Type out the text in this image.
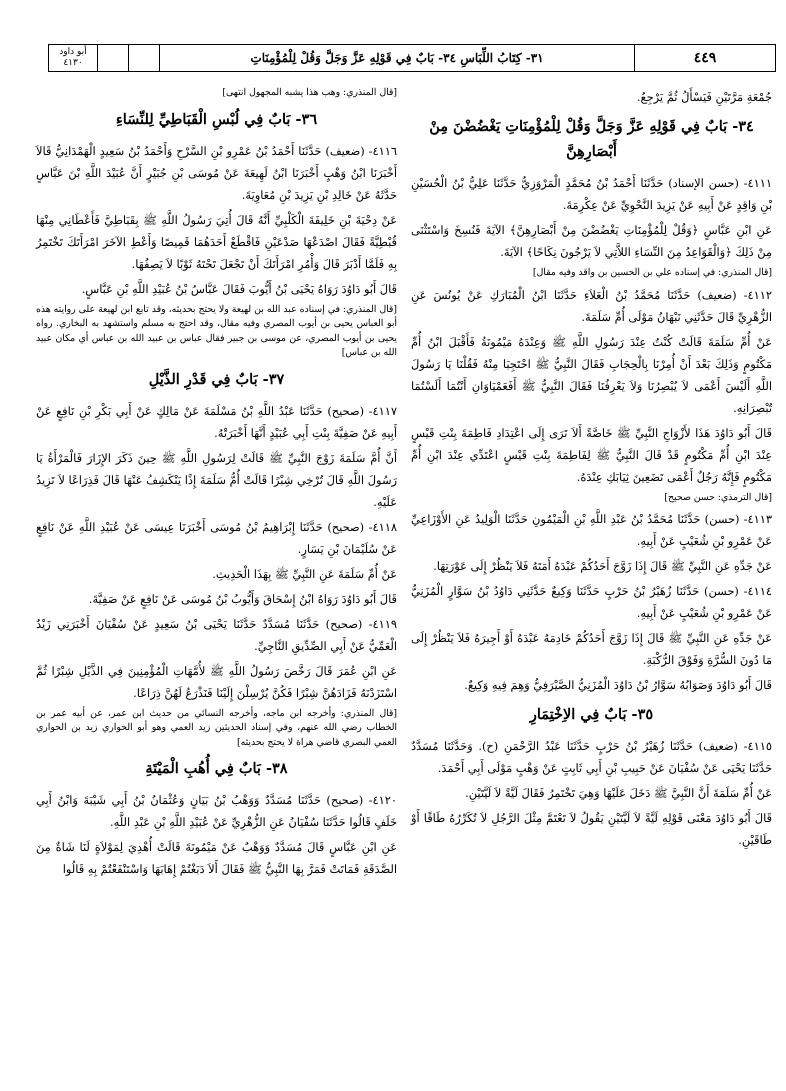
أبو داود
٤١٣٠	٣١- كِتَابُ اللِّبَاسِ ٣٤- بَابٌ فِي قَوْلِهِ عَزَّ وَجَلَّ وَقُلْ لِلْمُؤْمِنَاتِ	٤٤٩

جُمْعَةِ مَرَّتَيْنِ فَيَسْأَلُ ثُمَّ يَرْجِعُ.

٣٤- بَابٌ فِي قَوْلِهِ عَزَّ وَجَلَّ وَقُلْ لِلْمُؤْمِنَاتِ يَغْضُضْنَ مِنْ أَبْصَارِهِنَّ

٤١١١- (حسن الإسناد) حَدَّثَنَا أَحْمَدُ بْنُ مُحَمَّدٍ الْمَرْوَزِيُّ حَدَّثَنَا عَلِيُّ بْنُ الْحُسَيْنِ بْنِ وَاقِدٍ عَنْ أَبِيهِ عَنْ يَزِيدَ النَّحْوِيِّ عَنْ عِكْرِمَةَ.

عَنِ ابْنِ عَبَّاسٍ ﴿وَقُلْ لِلْمُؤْمِنَاتِ يَغْضُضْنَ مِنْ أَبْصَارِهِنَّ﴾ الآيَةَ فَنُسِخَ وَاسْتَثْنَى مِنْ ذَلِكَ ﴿وَالْقَوَاعِدُ مِنَ النِّسَاءِ اللاَّتِي لاَ يَرْجُونَ نِكَاحًا﴾ الآيَةَ.

[قال المنذري: في إسناده علي بن الحسين بن واقد وفيه مقال]

٤١١٢- (ضعيف) حَدَّثَنَا مُحَمَّدُ بْنُ الْعَلاَءِ حَدَّثَنَا ابْنُ الْمُبَارَكِ عَنْ يُونُسَ عَنِ الزُّهْرِيِّ قَالَ حَدَّثَنِي نَبْهَانُ مَوْلَى أُمِّ سَلَمَةَ.

عَنْ أُمِّ سَلَمَةَ قَالَتْ كُنْتُ عِنْدَ رَسُولِ اللَّهِ ﷺ وَعِنْدَهُ مَيْمُونَةُ فَأَقْبَلَ ابْنُ أُمِّ مَكْتُومٍ وَذَلِكَ بَعْدَ أَنْ أُمِرْنَا بِالْحِجَابِ فَقَالَ النَّبِيُّ ﷺ احْتَجِبَا مِنْهُ فَقُلْنَا يَا رَسُولَ اللَّهِ أَلَيْسَ أَعْمَى لاَ يُبْصِرُنَا وَلاَ يَعْرِفُنَا فَقَالَ النَّبِيُّ ﷺ أَفَعَمْيَاوَانِ أَنْتُمَا أَلَسْتُمَا تُبْصِرَانِهِ.

قَالَ أَبُو دَاوُدَ هَذَا لأَزْوَاجِ النَّبِيِّ ﷺ خَاصَّةً أَلاَ تَرَى إِلَى اعْتِدَادِ فَاطِمَةَ بِنْتِ قَيْسٍ عِنْدَ ابْنِ أُمِّ مَكْتُومٍ قَدْ قَالَ النَّبِيُّ ﷺ لِفَاطِمَةَ بِنْتِ قَيْسٍ اعْتَدِّي عِنْدَ ابْنِ أُمِّ مَكْتُومٍ فَإِنَّهُ رَجُلٌ أَعْمَى تَضَعِينَ ثِيَابَكِ عِنْدَهُ.

[قال الترمذي: حسن صحيح]

٤١١٣- (حسن) حَدَّثَنَا مُحَمَّدُ بْنُ عَبْدِ اللَّهِ بْنِ الْمَيْمُونِ حَدَّثَنَا الْوَلِيدُ عَنِ الأَوْزَاعِيِّ عَنْ عَمْرِو بْنِ شُعَيْبٍ عَنْ أَبِيهِ.

عَنْ جَدِّهِ عَنِ النَّبِيِّ ﷺ قَالَ إِذَا زَوَّجَ أَحَدُكُمْ عَبْدَهُ أَمَتَهُ فَلاَ يَنْظُرْ إِلَى عَوْرَتِهَا.

٤١١٤- (حسن) حَدَّثَنَا زُهَيْرُ بْنُ حَرْبٍ حَدَّثَنَا وَكِيعٌ حَدَّثَنِي دَاوُدُ بْنُ سَوَّارٍ الْمُزَنِيُّ عَنْ عَمْرِو بْنِ شُعَيْبٍ عَنْ أَبِيهِ.

عَنْ جَدِّهِ عَنِ النَّبِيِّ ﷺ قَالَ إِذَا زَوَّجَ أَحَدُكُمْ خَادِمَهُ عَبْدَهُ أَوْ أَجِيرَهُ فَلاَ يَنْظُرْ إِلَى مَا دُونَ السُّرَّةِ وَفَوْقَ الرُّكْبَةِ.

قَالَ أَبُو دَاوُدَ وَصَوَابُهُ سَوَّارُ بْنُ دَاوُدَ الْمُزَنِيُّ الصَّيْرَفِيُّ وَهِمَ فِيهِ وَكِيعٌ.

٣٥- بَابٌ فِي الاِخْتِمَارِ

٤١١٥- (ضعيف) حَدَّثَنَا زُهَيْرُ بْنُ حَرْبٍ حَدَّثَنَا عَبْدُ الرَّحْمَنِ (ح). وَحَدَّثَنَا مُسَدَّدٌ حَدَّثَنَا يَحْيَى عَنْ سُفْيَانَ عَنْ حَبِيبِ بْنِ أَبِي ثَابِتٍ عَنْ وَهْبٍ مَوْلَى أَبِي أَحْمَدَ.

عَنْ أُمِّ سَلَمَةَ أَنَّ النَّبِيَّ ﷺ دَخَلَ عَلَيْهَا وَهِيَ تَخْتَمِرُ فَقَالَ لَيَّةً لاَ لَيَّتَيْنِ.

قَالَ أَبُو دَاوُدَ مَعْنَى قَوْلِهِ لَيَّةً لاَ لَيَّتَيْنِ يَقُولُ لاَ تَعْتَمَّ مِثْلَ الرَّجُلِ لاَ تُكَرِّرُهُ طَاقًا أَوْ طَاقَيْنِ.

[قال المنذري: وهب هذا يشبه المجهول انتهى]

٣٦- بَابٌ فِي لُبْسِ الْقَبَاطِيِّ لِلنِّسَاءِ

٤١١٦- (ضعيف) حَدَّثَنَا أَحْمَدُ بْنُ عَمْرِو بْنِ السَّرْحِ وَأَحْمَدُ بْنُ سَعِيدٍ الْهَمْدَانِيُّ قَالاَ أَخْبَرَنَا ابْنُ وَهْبٍ أَخْبَرَنَا ابْنُ لَهِيعَةَ عَنْ مُوسَى بْنِ جُبَيْرٍ أَنَّ عُبَيْدَ اللَّهِ بْنَ عَبَّاسٍ حَدَّثَهُ عَنْ خَالِدِ بْنِ يَزِيدَ بْنِ مُعَاوِيَةَ.

عَنْ دِحْيَةَ بْنِ خَلِيفَةَ الْكَلْبِيِّ أَنَّهُ قَالَ أُتِيَ رَسُولُ اللَّهِ ﷺ بِقَبَاطِيَّ فَأَعْطَانِي مِنْهَا قُبْطِيَّةً فَقَالَ اصْدَعْهَا صَدْعَيْنِ فَاقْطَعْ أَحَدَهُمَا قَمِيصًا وَأَعْطِ الآخَرَ امْرَأَتَكَ تَخْتَمِرُ بِهِ فَلَمَّا أَدْبَرَ قَالَ وَأْمُرِ امْرَأَتَكَ أَنْ تَجْعَلَ تَحْتَهُ ثَوْبًا لاَ يَصِفُهَا.

قَالَ أَبُو دَاوُدَ رَوَاهُ يَحْيَى بْنُ أَيُّوبَ فَقَالَ عَبَّاسُ بْنُ عُبَيْدِ اللَّهِ بْنِ عَبَّاسٍ.

[قال المنذري: في إسناده عبد الله بن لهيعة ولا يحتج بحديثه، وقد تابع ابن لهيعة على روايته هذه أبو العباس يحيى بن أيوب المصري وفيه مقال، وقد احتج به مسلم واستشهد به البخاري. رواه يحيى بن أيوب المصري، عن موسى بن جبير فقال عباس بن عبيد الله بن عباس أي مكان عبيد الله بن عباس]

٣٧- بَابٌ فِي قَدْرِ الذَّيْلِ

٤١١٧- (صحيح) حَدَّثَنَا عَبْدُ اللَّهِ بْنُ مَسْلَمَةَ عَنْ مَالِكٍ عَنْ أَبِي بَكْرِ بْنِ نَافِعٍ عَنْ أَبِيهِ عَنْ صَفِيَّةَ بِنْتِ أَبِي عُبَيْدٍ أَنَّهَا أَخْبَرَتْهُ.

أَنَّ أُمَّ سَلَمَةَ زَوْجَ النَّبِيِّ ﷺ قَالَتْ لِرَسُولِ اللَّهِ ﷺ حِينَ ذَكَرَ الإِزَارَ فَالْمَرْأَةُ يَا رَسُولَ اللَّهِ قَالَ تُرْخِي شِبْرًا قَالَتْ أُمُّ سَلَمَةَ إِذًا يَنْكَشِفُ عَنْهَا قَالَ فَذِرَاعًا لاَ تَزِيدُ عَلَيْهِ.

٤١١٨- (صحيح) حَدَّثَنَا إِبْرَاهِيمُ بْنُ مُوسَى أَخْبَرَنَا عِيسَى عَنْ عُبَيْدِ اللَّهِ عَنْ نَافِعٍ عَنْ سُلَيْمَانَ بْنِ يَسَارٍ.

عَنْ أُمِّ سَلَمَةَ عَنِ النَّبِيِّ ﷺ بِهَذَا الْحَدِيثِ.

قَالَ أَبُو دَاوُدَ رَوَاهُ ابْنُ إِسْحَاقَ وَأَيُّوبُ بْنُ مُوسَى عَنْ نَافِعٍ عَنْ صَفِيَّةَ.

٤١١٩- (صحيح) حَدَّثَنَا مُسَدَّدٌ حَدَّثَنَا يَحْيَى بْنُ سَعِيدٍ عَنْ سُفْيَانَ أَخْبَرَنِي زَيْدٌ الْعَمِّيُّ عَنْ أَبِي الصِّدِّيقِ النَّاجِيِّ.

عَنِ ابْنِ عُمَرَ قَالَ رَخَّصَ رَسُولُ اللَّهِ ﷺ لأُمَّهَاتِ الْمُؤْمِنِينَ فِي الذَّيْلِ شِبْرًا ثُمَّ اسْتَزَدْنَهُ فَزَادَهُنَّ شِبْرًا فَكُنَّ يُرْسِلْنَ إِلَيْنَا فَنَذْرَعُ لَهُنَّ ذِرَاعًا.

[قال المنذري: وأخرجه ابن ماجه، وأخرجه النسائي من حديث ابن عمر، عن أبيه عمر بن الخطاب رضي الله عنهم، وفي إسناد الحديثين زيد العمي وهو أبو الحواري زيد بن الحواري العمي البصري قاضي هراة لا يحتج بحديثه]

٣٨- بَابٌ فِي أُهُبِ الْمَيْتَةِ

٤١٢٠- (صحيح) حَدَّثَنَا مُسَدَّدٌ وَوَهْبُ بْنُ بَيَانٍ وَعُثْمَانُ بْنُ أَبِي شَيْبَةَ وَابْنُ أَبِي خَلَفٍ قَالُوا حَدَّثَنَا سُفْيَانُ عَنِ الزُّهْرِيِّ عَنْ عُبَيْدِ اللَّهِ بْنِ عَبْدِ اللَّهِ.

عَنِ ابْنِ عَبَّاسٍ قَالَ مُسَدَّدٌ وَوَهْبٌ عَنْ مَيْمُونَةَ قَالَتْ أُهْدِيَ لِمَوْلاَةٍ لَنَا شَاةٌ مِنَ الصَّدَقَةِ فَمَاتَتْ فَمَرَّ بِهَا النَّبِيُّ ﷺ فَقَالَ أَلاَ دَبَغْتُمْ إِهَابَهَا وَاسْتَنْفَعْتُمْ بِهِ قَالُوا
